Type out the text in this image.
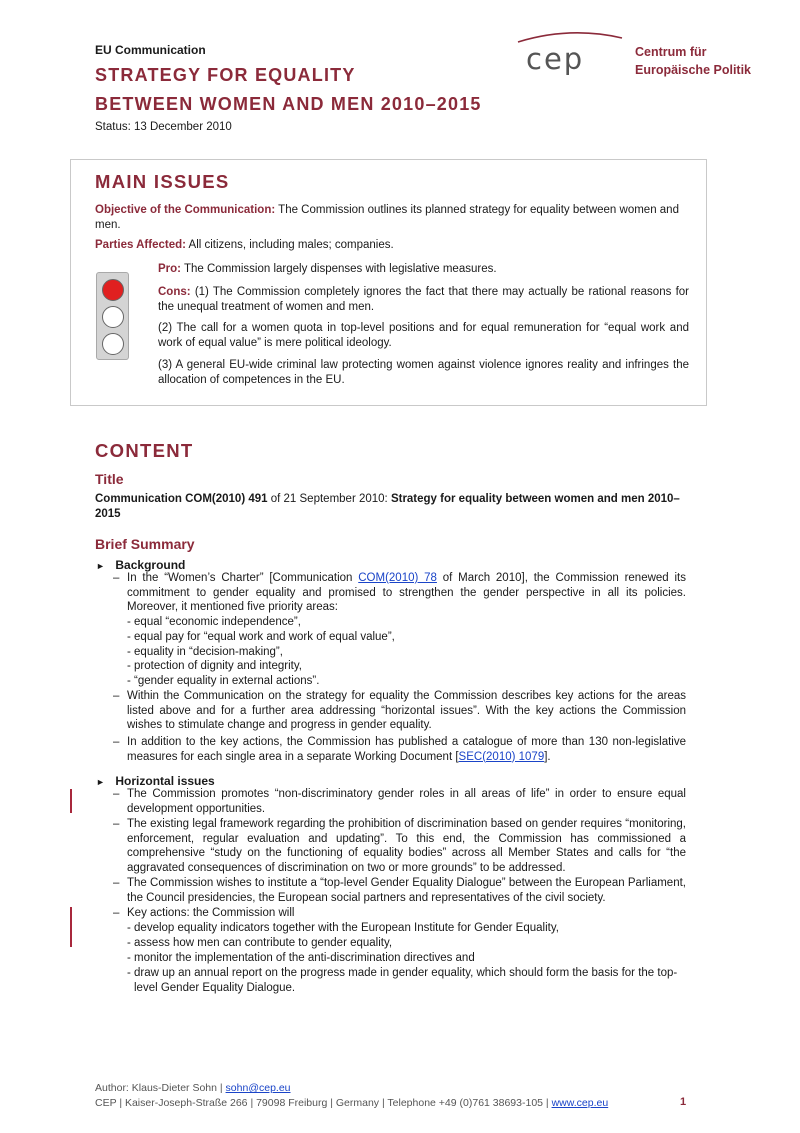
EU Communication
STRATEGY FOR EQUALITY
BETWEEN WOMEN AND MEN 2010–2015
Status: 13 December 2010
cep	Centrum für
Europäische Politik
MAIN ISSUES
Objective of the Communication: The Commission outlines its planned strategy for equality between women and men.
Parties Affected: All citizens, including males; companies.
Pro: The Commission largely dispenses with legislative measures.
Cons: (1) The Commission completely ignores the fact that there may actually be rational reasons for the unequal treatment of women and men.
(2) The call for a women quota in top-level positions and for equal remuneration for “equal work and work of equal value” is mere political ideology.
(3) A general EU-wide criminal law protecting women against violence ignores reality and infringes the allocation of competences in the EU.
CONTENT
Title
Communication COM(2010) 491 of 21 September 2010: Strategy for equality between women and men 2010–2015
Brief Summary
► Background
– In the “Women’s Charter” [Communication COM(2010) 78 of March 2010], the Commission renewed its commitment to gender equality and promised to strengthen the gender perspective in all its policies. Moreover, it mentioned five priority areas:
- equal “economic independence”,
- equal pay for “equal work and work of equal value”,
- equality in “decision-making”,
- protection of dignity and integrity,
- “gender equality in external actions”.
– Within the Communication on the strategy for equality the Commission describes key actions for the areas listed above and for a further area addressing “horizontal issues”. With the key actions the Commission wishes to stimulate change and progress in gender equality.
– In addition to the key actions, the Commission has published a catalogue of more than 130 non-legislative measures for each single area in a separate Working Document [SEC(2010) 1079].
► Horizontal issues
– The Commission promotes “non-discriminatory gender roles in all areas of life” in order to ensure equal development opportunities.
– The existing legal framework regarding the prohibition of discrimination based on gender requires “monitoring, enforcement, regular evaluation and updating”. To this end, the Commission has commissioned a comprehensive “study on the functioning of equality bodies” across all Member States and calls for “the aggravated consequences of discrimination on two or more grounds” to be addressed.
– The Commission wishes to institute a “top-level Gender Equality Dialogue” between the European Parliament, the Council presidencies, the European social partners and representatives of the civil society.
– Key actions: the Commission will
- develop equality indicators together with the European Institute for Gender Equality,
- assess how men can contribute to gender equality,
- monitor the implementation of the anti-discrimination directives and
- draw up an annual report on the progress made in gender equality, which should form the basis for the top-level Gender Equality Dialogue.
Author: Klaus-Dieter Sohn | sohn@cep.eu
CEP | Kaiser-Joseph-Straße 266 | 79098 Freiburg | Germany | Telephone +49 (0)761 38693-105 | www.cep.eu	1
